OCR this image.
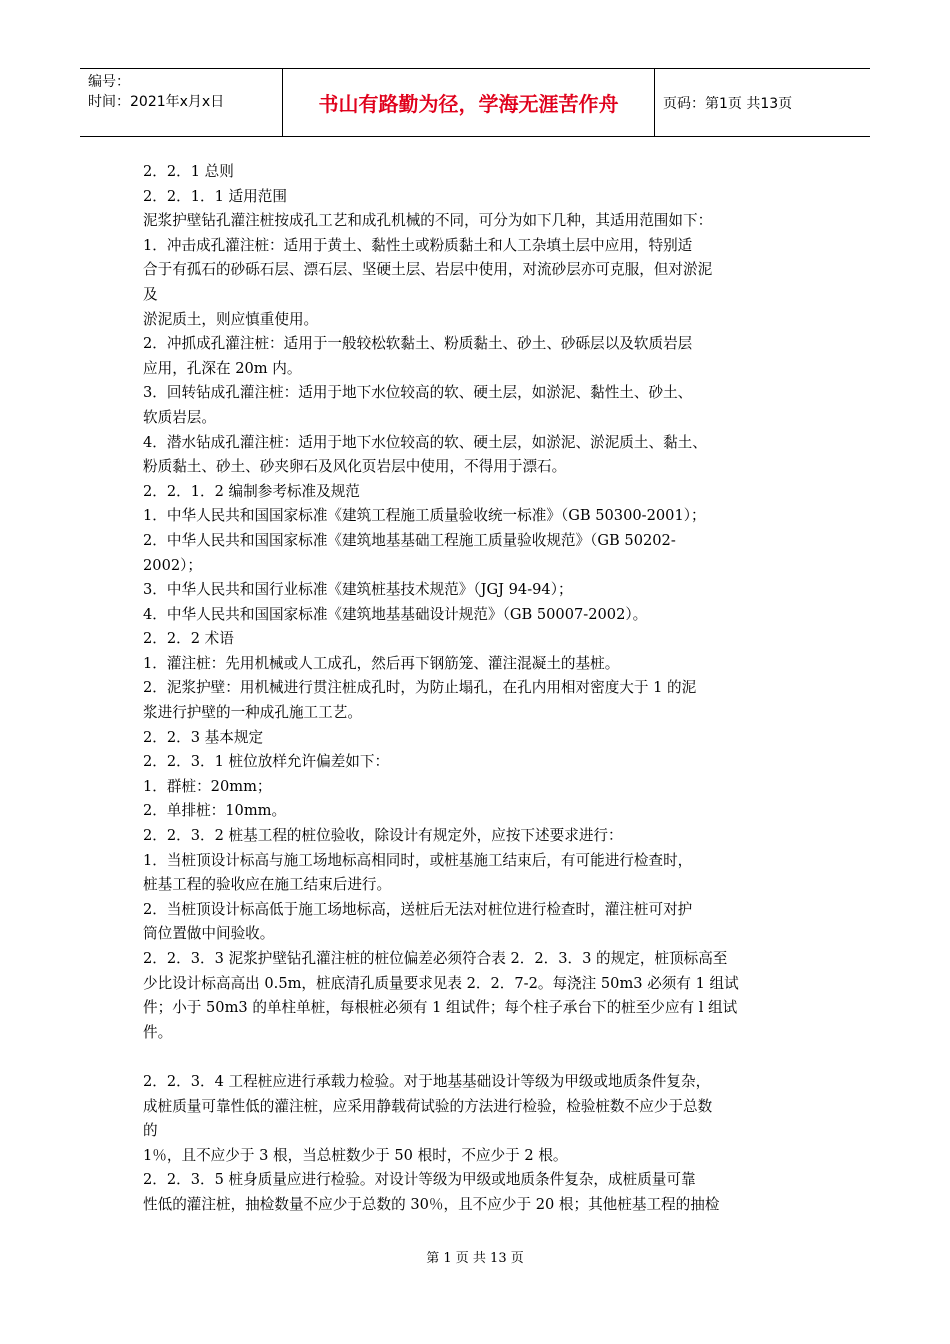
编号：
时间：2021年x月x日	书山有路勤为径，学海无涯苦作舟	页码：第1页 共13页
2．2．1 总则
2．2．1．1 适用范围
泥浆护壁钻孔灌注桩按成孔工艺和成孔机械的不同，可分为如下几种，其适用范围如下：
1．冲击成孔灌注桩：适用于黄土、黏性土或粉质黏土和人工杂填土层中应用，特别适
合于有孤石的砂砾石层、漂石层、坚硬土层、岩层中使用，对流砂层亦可克服，但对淤泥
及
淤泥质土，则应慎重使用。
2．冲抓成孔灌注桩：适用于一般较松软黏土、粉质黏土、砂土、砂砾层以及软质岩层
应用，孔深在 20m 内。
3．回转钻成孔灌注桩：适用于地下水位较高的软、硬土层，如淤泥、黏性土、砂土、
软质岩层。
4．潜水钻成孔灌注桩：适用于地下水位较高的软、硬土层，如淤泥、淤泥质土、黏土、
粉质黏土、砂土、砂夹卵石及风化页岩层中使用，不得用于漂石。
2．2．1．2 编制参考标准及规范
1．中华人民共和国国家标准《建筑工程施工质量验收统一标准》（GB 50300-2001）；
2．中华人民共和国国家标准《建筑地基基础工程施工质量验收规范》（GB 50202-
2002）；
3．中华人民共和国行业标准《建筑桩基技术规范》（JGJ 94-94）；
4．中华人民共和国国家标准《建筑地基基础设计规范》（GB 50007-2002）。
2．2．2 术语
1．灌注桩：先用机械或人工成孔，然后再下钢筋笼、灌注混凝土的基桩。
2．泥浆护壁：用机械进行贯注桩成孔时，为防止塌孔，在孔内用相对密度大于 1 的泥
浆进行护壁的一种成孔施工工艺。
2．2．3 基本规定
2．2．3．1 桩位放样允许偏差如下：
1．群桩：20mm；
2．单排桩：10mm。
2．2．3．2 桩基工程的桩位验收，除设计有规定外，应按下述要求进行：
1．当桩顶设计标高与施工场地标高相同时，或桩基施工结束后，有可能进行检查时，
桩基工程的验收应在施工结束后进行。
2．当桩顶设计标高低于施工场地标高，送桩后无法对桩位进行检查时，灌注桩可对护
筒位置做中间验收。
2．2．3．3 泥浆护壁钻孔灌注桩的桩位偏差必须符合表 2．2．3．3 的规定，桩顶标高至
少比设计标高高出 0.5m，桩底清孔质量要求见表 2．2．7-2。每浇注 50m3 必须有 1 组试
件；小于 50m3 的单柱单桩，每根桩必须有 1 组试件；每个柱子承台下的桩至少应有 l 组试
件。
2．2．3．4 工程桩应进行承载力检验。对于地基基础设计等级为甲级或地质条件复杂，
成桩质量可靠性低的灌注桩，应采用静载荷试验的方法进行检验，检验桩数不应少于总数
的
1％，且不应少于 3 根，当总桩数少于 50 根时，不应少于 2 根。
2．2．3．5 桩身质量应进行检验。对设计等级为甲级或地质条件复杂，成桩质量可靠
性低的灌注桩，抽检数量不应少于总数的 30％，且不应少于 20 根；其他桩基工程的抽检
第 1 页 共 13 页
